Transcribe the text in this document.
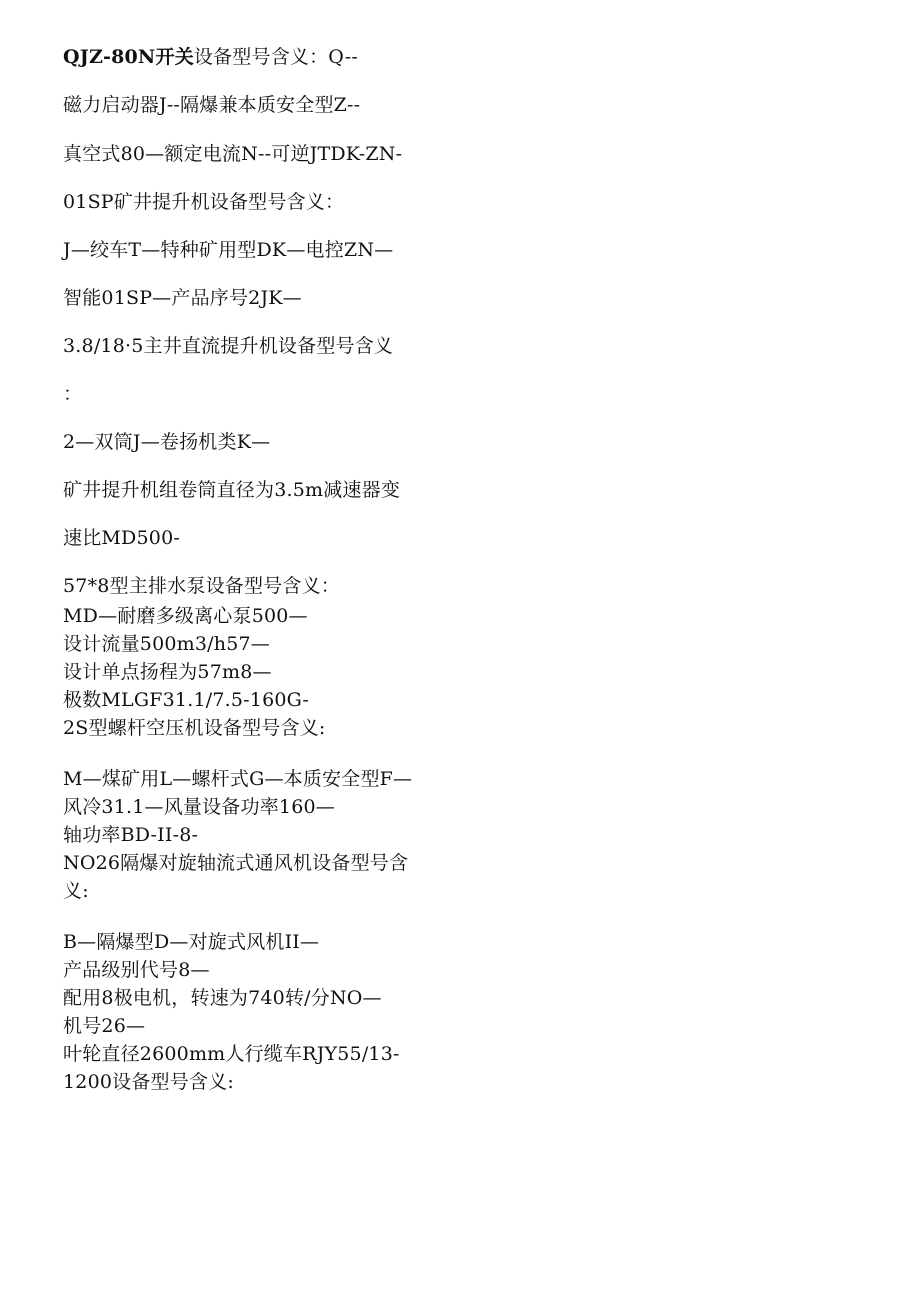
QJZ-80N开关设备型号含义：Q--
磁力启动器J--隔爆兼本质安全型Z--
真空式80—额定电流N--可逆JTDK-ZN-
01SP矿井提升机设备型号含义：
J—绞车T—特种矿用型DK—电控ZN—
智能01SP—产品序号2JK—
3.8/18·5主井直流提升机设备型号含义
：
2—双筒J—卷扬机类K—
矿井提升机组卷筒直径为3.5m减速器变
速比MD500-
57*8型主排水泵设备型号含义：
MD—耐磨多级离心泵500—
设计流量500m3/h57—
设计单点扬程为57m8—
极数MLGF31.1/7.5-160G-
2S型螺杆空压机设备型号含义:
M—煤矿用L—螺杆式G—本质安全型F—
风冷31.1—风量设备功率160—
轴功率BD-II-8-
NO26隔爆对旋轴流式通风机设备型号含
义:
B—隔爆型D—对旋式风机II—
产品级别代号8—
配用8极电机，转速为740转/分NO—
机号26—
叶轮直径2600mm人行缆车RJY55/13-
1200设备型号含义:
